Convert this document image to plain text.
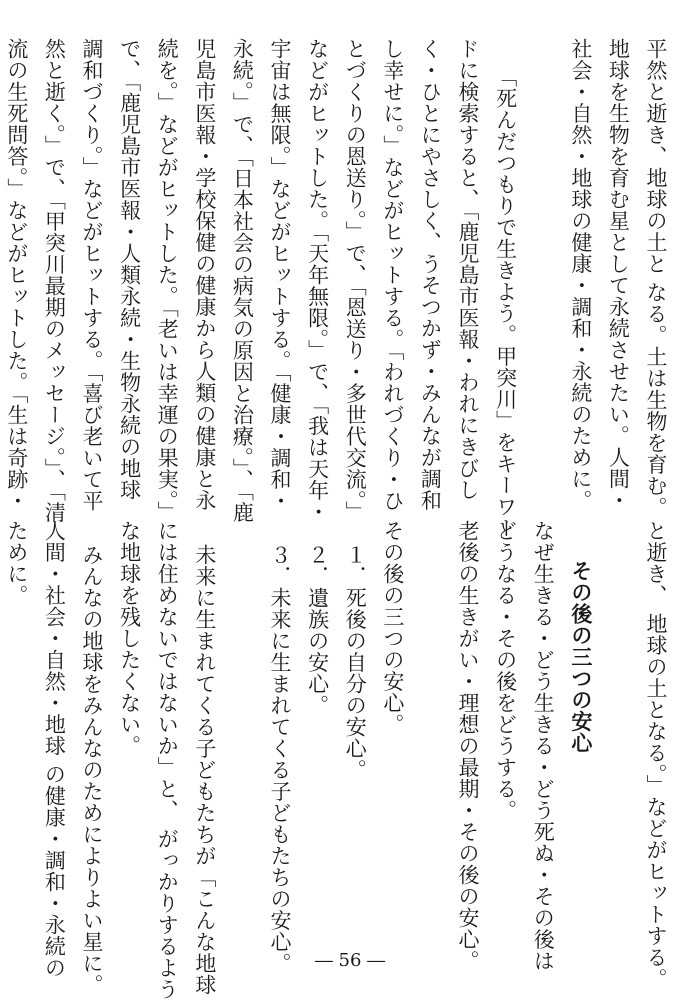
平然と逝き、地球の土と なる。土は生物を育む。
地球を生物を育む星として永続させたい。人間・
社会・自然・地球の健康・調和・永続のために。
「死んだつもりで生きよう。甲突川」をキーワー
ドに検索すると、「鹿児島市医報・われにきびし
く・ひとにやさしく、うそつかず・みんなが調和
し幸せに。」などがヒットする。「われづくり・ひ
とづくりの恩送り。」で、「恩送り・多世代交流。」
などがヒットした。「天年無限。」で、「我は天年・
宇宙は無限。」などがヒットする。「健康・調和・
永続。」で、「日本社会の病気の原因と治療。」、「鹿
児島市医報・学校保健の健康から人類の健康と永
続を。」などがヒットした。「老いは幸運の果実。」
で、「鹿児島市医報・人類永続・生物永続の地球
調和づくり。」などがヒットする。「喜び老いて平
然と逝く。」で、「甲突川最期のメッセージ。」、「清
流の生死問答。」などがヒットした。「生は奇跡・
と逝き、 地球の土となる。」などがヒットする。
その後の三つの安心
なぜ生きる・どう生きる・どう死ぬ・その後は
どうなる・その後をどうする。
老後の生きがい・理想の最期・その後の安心。
その後の三つの安心。
１．死後の自分の安心。
２．遺族の安心。
３．未来に生まれてくる子どもたちの安心。
未来に生まれてくる子どもたちが「こんな地球
には住めないではないか」と、 がっかりするよう
な地球を残したくない。
みんなの地球をみんなのためによりよい星に。
人間・社会・自然・地球 の健康・調和・永続の
ために。
― 56 ―
